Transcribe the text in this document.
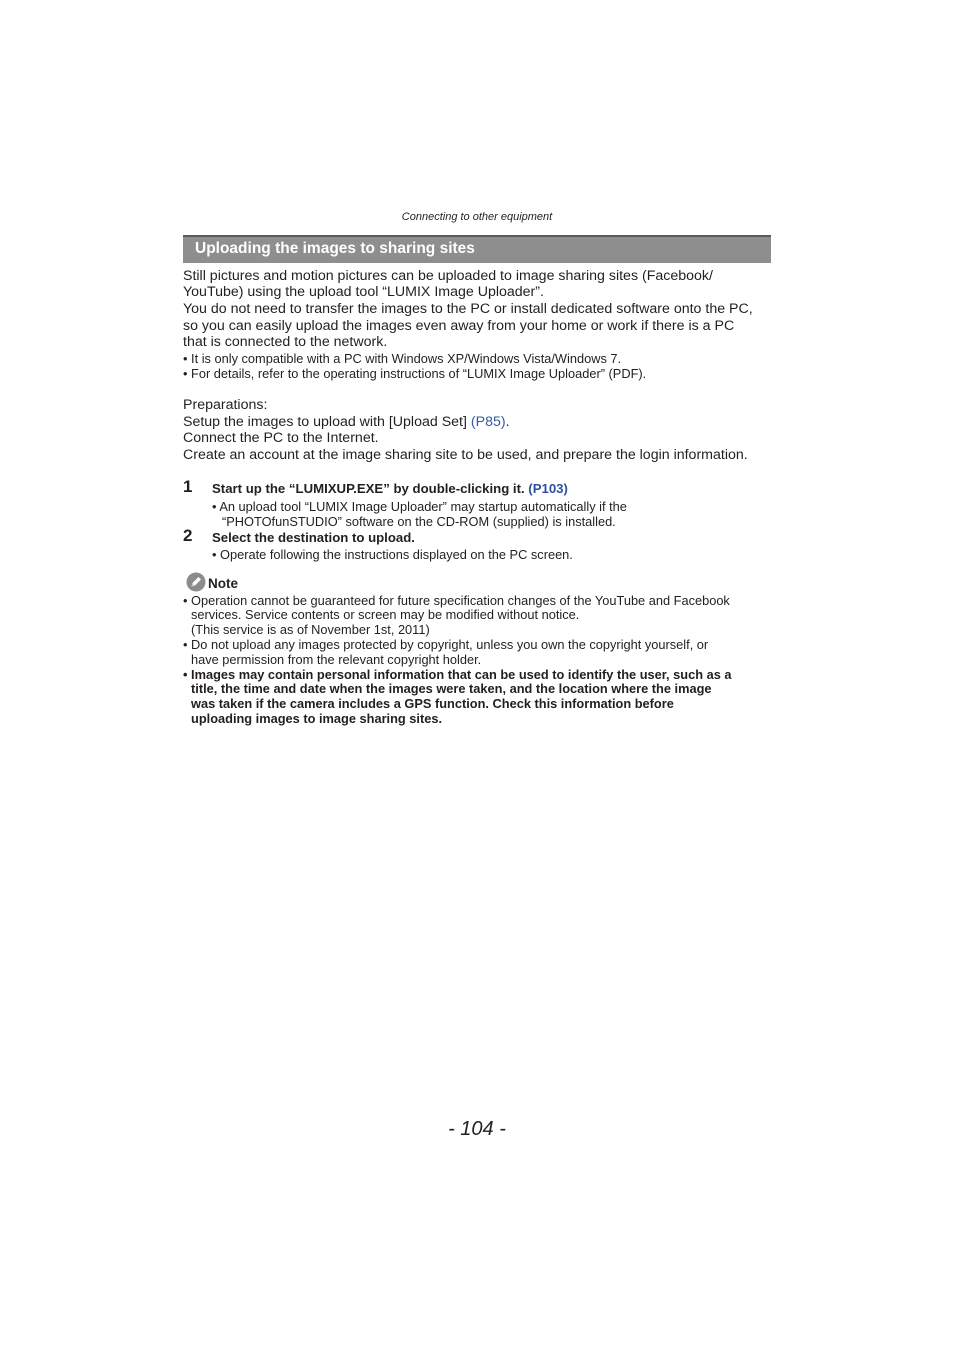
Connecting to other equipment
Uploading the images to sharing sites
Still pictures and motion pictures can be uploaded to image sharing sites (Facebook/
YouTube) using the upload tool “LUMIX Image Uploader”.
You do not need to transfer the images to the PC or install dedicated software onto the PC,
so you can easily upload the images even away from your home or work if there is a PC
that is connected to the network.
• It is only compatible with a PC with Windows XP/Windows Vista/Windows 7.
• For details, refer to the operating instructions of “LUMIX Image Uploader” (PDF).
Preparations:
Setup the images to upload with [Upload Set] (P85).
Connect the PC to the Internet.
Create an account at the image sharing site to be used, and prepare the login information.
1 Start up the “LUMIXUP.EXE” by double-clicking it. (P103)
• An upload tool “LUMIX Image Uploader” may startup automatically if the
“PHOTOfunSTUDIO” software on the CD-ROM (supplied) is installed.
2 Select the destination to upload.
• Operate following the instructions displayed on the PC screen.
Note
• Operation cannot be guaranteed for future specification changes of the YouTube and Facebook
services. Service contents or screen may be modified without notice.
(This service is as of November 1st, 2011)
• Do not upload any images protected by copyright, unless you own the copyright yourself, or
have permission from the relevant copyright holder.
• Images may contain personal information that can be used to identify the user, such as a
title, the time and date when the images were taken, and the location where the image
was taken if the camera includes a GPS function. Check this information before
uploading images to image sharing sites.
- 104 -
